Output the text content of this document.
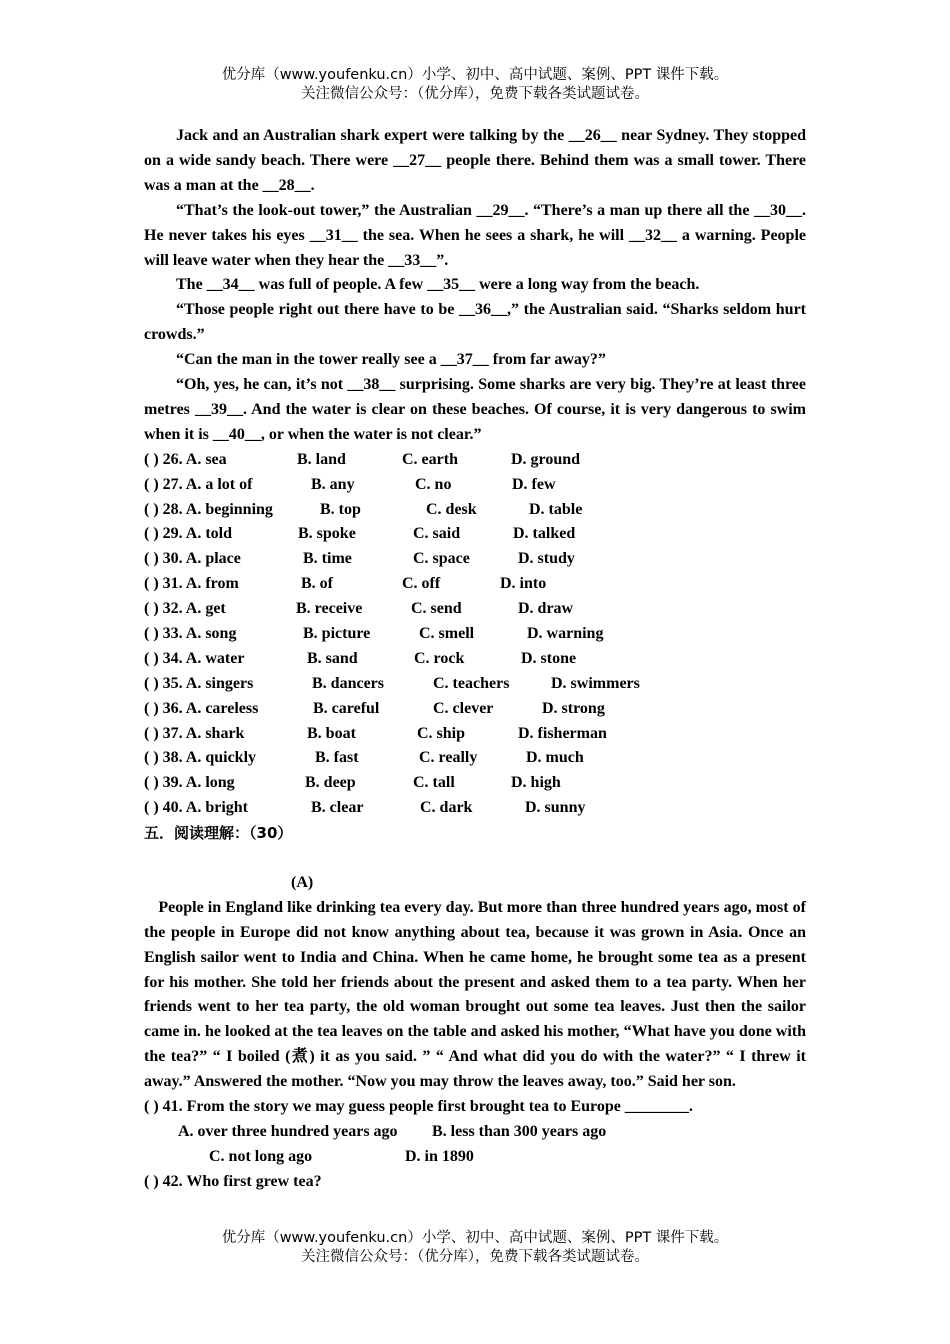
优分库（www.youfenku.cn）小学、初中、高中试题、案例、PPT 课件下载。
关注微信公众号：（优分库），免费下载各类试题试卷。
Jack and an Australian shark expert were talking by the __26__ near Sydney. They stopped on a wide sandy beach. There were __27__ people there. Behind them was a small tower. There was a man at the __28__.
“That’s the look-out tower,” the Australian __29__. “There’s a man up there all the __30__. He never takes his eyes __31__ the sea. When he sees a shark, he will __32__ a warning. People will leave water when they hear the __33__”.
The __34__ was full of people. A few __35__ were a long way from the beach.
“Those people right out there have to be __36__,” the Australian said. “Sharks seldom hurt crowds.”
“Can the man in the tower really see a __37__ from far away?”
“Oh, yes, he can, it’s not __38__ surprising. Some sharks are very big. They’re at least three metres __39__. And the water is clear on these beaches. Of course, it is very dangerous to swim when it is __40__, or when the water is not clear.”
( ) 26. A. sea	B. land	C. earth	D. ground
( ) 27. A. a lot of	B. any	C. no	D. few
( ) 28. A. beginning	B. top	C. desk	D. table
( ) 29. A. told	B. spoke	C. said	D. talked
( ) 30. A. place	B. time	C. space	D. study
( ) 31. A. from	B. of	C. off	D. into
( ) 32. A. get	B. receive	C. send	D. draw
( ) 33. A. song	B. picture	C. smell	D. warning
( ) 34. A. water	B. sand	C. rock	D. stone
( ) 35. A. singers	B. dancers	C. teachers	D. swimmers
( ) 36. A. careless	B. careful	C. clever	D. strong
( ) 37. A. shark	B. boat	C. ship	D. fisherman
( ) 38. A. quickly	B. fast	C. really	D. much
( ) 39. A. long	B. deep	C. tall	D. high
( ) 40. A. bright	B. clear	C. dark	D. sunny
五．阅读理解：（30）
(A)
People in England like drinking tea every day. But more than three hundred years ago, most of the people in Europe did not know anything about tea, because it was grown in Asia. Once an English sailor went to India and China. When he came home, he brought some tea as a present for his mother. She told her friends about the present and asked them to a tea party. When her friends went to her tea party, the old woman brought out some tea leaves. Just then the sailor came in. he looked at the tea leaves on the table and asked his mother, “What have you done with the tea?” “ I boiled (煮) it as you said. ” “ And what did you do with the water?” “ I threw it away.” Answered the mother. “Now you may throw the leaves away, too.” Said her son.
( ) 41. From the story we may guess people first brought tea to Europe ________.
A. over three hundred years ago B. less than 300 years ago
C. not long ago	D. in 1890
( ) 42. Who first grew tea?
优分库（www.youfenku.cn）小学、初中、高中试题、案例、PPT 课件下载。
关注微信公众号：（优分库），免费下载各类试题试卷。
